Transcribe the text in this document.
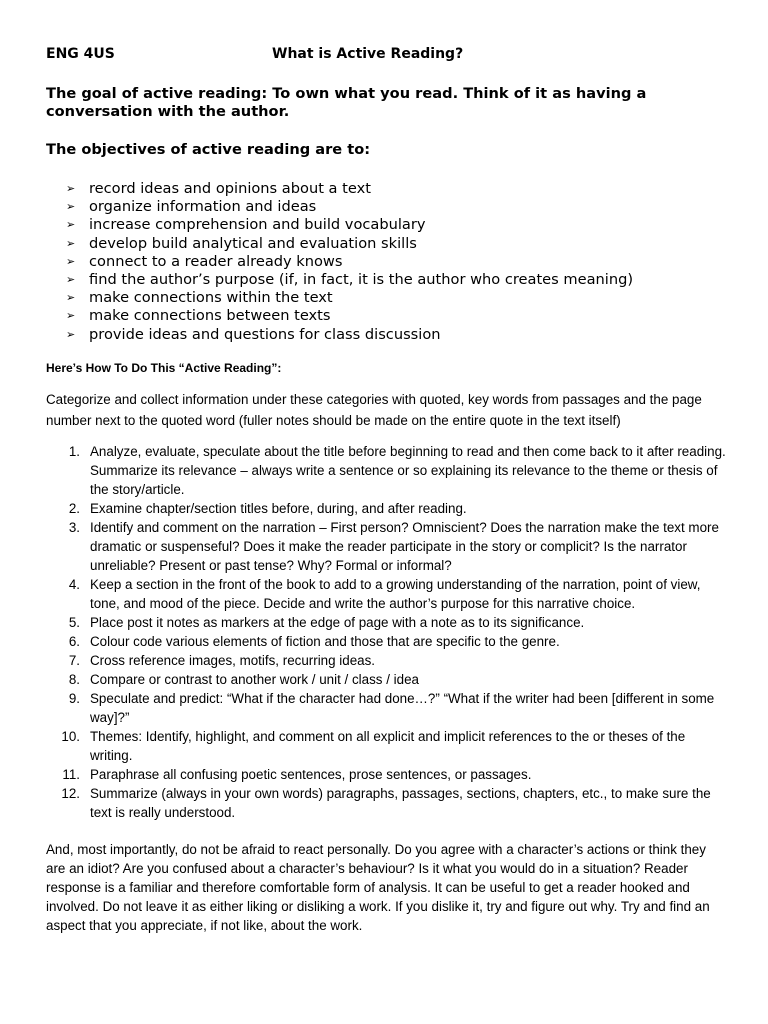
ENG 4US	What is Active Reading?
The goal of active reading: To own what you read. Think of it as having a conversation with the author.
The objectives of active reading are to:
➢ record ideas and opinions about a text
➢ organize information and ideas
➢ increase comprehension and build vocabulary
➢ develop build analytical and evaluation skills
➢ connect to a reader already knows
➢ find the author’s purpose (if, in fact, it is the author who creates meaning)
➢ make connections within the text
➢ make connections between texts
➢ provide ideas and questions for class discussion
Here’s How To Do This “Active Reading”:
Categorize and collect information under these categories with quoted, key words from passages and the page number next to the quoted word (fuller notes should be made on the entire quote in the text itself)
1. Analyze, evaluate, speculate about the title before beginning to read and then come back to it after reading. Summarize its relevance – always write a sentence or so explaining its relevance to the theme or thesis of the story/article.
2. Examine chapter/section titles before, during, and after reading.
3. Identify and comment on the narration – First person? Omniscient? Does the narration make the text more dramatic or suspenseful? Does it make the reader participate in the story or complicit? Is the narrator unreliable? Present or past tense? Why? Formal or informal?
4. Keep a section in the front of the book to add to a growing understanding of the narration, point of view, tone, and mood of the piece. Decide and write the author’s purpose for this narrative choice.
5. Place post it notes as markers at the edge of page with a note as to its significance.
6. Colour code various elements of fiction and those that are specific to the genre.
7. Cross reference images, motifs, recurring ideas.
8. Compare or contrast to another work / unit / class / idea
9. Speculate and predict: “What if the character had done…?” “What if the writer had been [different in some way]?”
10. Themes: Identify, highlight, and comment on all explicit and implicit references to the or theses of the writing.
11. Paraphrase all confusing poetic sentences, prose sentences, or passages.
12. Summarize (always in your own words) paragraphs, passages, sections, chapters, etc., to make sure the text is really understood.
And, most importantly, do not be afraid to react personally. Do you agree with a character’s actions or think they are an idiot? Are you confused about a character’s behaviour? Is it what you would do in a situation? Reader response is a familiar and therefore comfortable form of analysis. It can be useful to get a reader hooked and involved. Do not leave it as either liking or disliking a work. If you dislike it, try and figure out why. Try and find an aspect that you appreciate, if not like, about the work.
